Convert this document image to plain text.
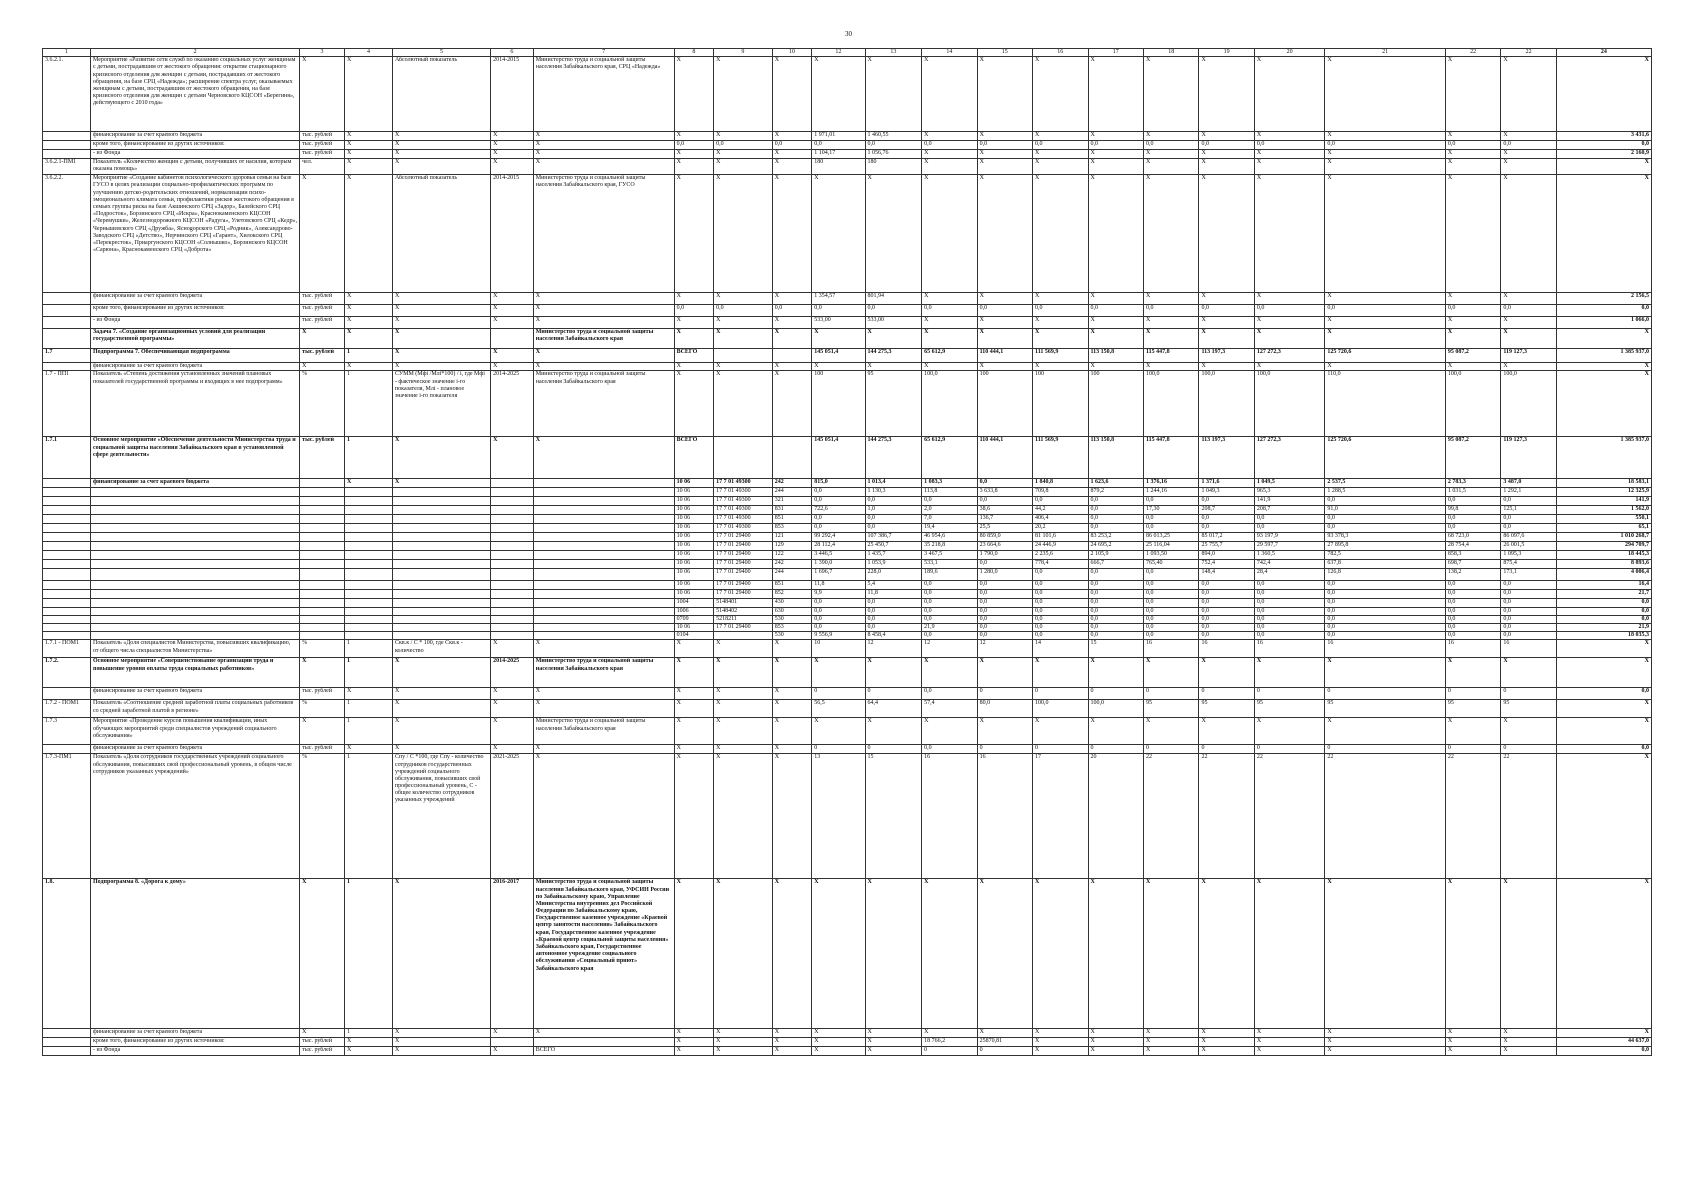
30
1	2	3	4	5	6	7	8	9	10	12	13	14	15	16	17	18	19	20	21	22	22	24
3.6.2.1.	Мероприятие «Развитие сети служб по оказанию социальных услуг женщинам с детьми, пострадавшим от жестокого обращения: открытие стационарного кризисного отделения для женщин с детьми, пострадавших от жестокого обращения, на базе СРЦ «Надежда»; расширение спектра услуг, оказываемых женщинам с детьми, пострадавшим от жестокого обращения, на базе кризисного отделения для женщин с детьми Черновского КЦСОН «Берегиня», действующего с 2010 года»	Х	Х	Абсолютный показатель	2014-2015	Министерство труда и социальной защиты населения Забайкальского края, СРЦ «Надежда»	Х	Х	Х	Х	Х	Х	Х	Х	Х	Х	Х	Х	Х	Х	Х	Х
	финансирование за счет краевого бюджета	тыс. рублей	Х	Х	Х	Х	Х	Х	Х	1 971,01	1 460,55	Х	Х	Х	Х	Х	Х	Х	Х	Х	Х	3 431,6
	кроме того, финансирование из других источников:	тыс. рублей	Х	Х	Х	Х	0,0	0,0	0,0	0,0	0,0	0,0	0,0	0,0	0,0	0,0	0,0	0,0	0,0	0,0	0,0	0,0
	- из Фонда	тыс. рублей	Х	Х	Х	Х	Х	Х	Х	1 104,17	1 056,76	Х	Х	Х	Х	Х	Х	Х	Х	Х	Х	2 160,9
3.6.2.1-ПМ1	Показатель «Количество женщин с детьми, получивших от насилия, которым оказана помощь»	чел.	Х	Х	Х	Х	Х	Х	Х	180	180	Х	Х	Х	Х	Х	Х	Х	Х	Х	Х	Х
3.6.2.2.	Мероприятие «Создание кабинетов психологического здоровья семьи на базе ГУСО в целях реализации социально-профилактических программ по улучшению детско-родительских отношений, нормализации психо-эмоционального климата семьи, профилактики рисков жестокого обращения в семьях группы риска на базе Акшинского СРЦ «Задор», Балейского СРЦ «Подросток», Борзинского СРЦ «Искра», Краснокаменского КЦСОН «Черемушки», Железнодорожного КЦСОН «Радуга», Улетовского СРЦ «Кедр», Чернышевского СРЦ «Дружба», Яснogорского СРЦ «Родник», Александрово-Заводского СРЦ «Детство», Нерчинского СРЦ «Гарант», Хилокского СРЦ «Перекресток», Приаргунского КЦСОН «Солнышко», Борзинского КЦСОН «Сарюна», Краснокаменского СРЦ «Доброта»	Х	Х	Абсолютный показатель	2014-2015	Министерство труда и социальной защиты населения Забайкальского края, ГУСО	Х	Х	Х	Х	Х	Х	Х	Х	Х	Х	Х	Х	Х	Х	Х	Х
	финансирование за счет краевого бюджета	тыс. рублей	Х	Х	Х	Х	Х	Х	Х	1 354,57	801,94	Х	Х	Х	Х	Х	Х	Х	Х	Х	Х	2 156,5
	кроме того, финансирование из других источников:	тыс. рублей	Х	Х	Х	Х	0,0	0,0	0,0	0,0	0,0	0,0	0,0	0,0	0,0	0,0	0,0	0,0	0,0	0,0	0,0	0,0
	- из Фонда	тыс. рублей	Х	Х	Х	Х	Х	Х	Х	533,00	533,00	Х	Х	Х	Х	Х	Х	Х	Х	Х	Х	1 066,0
	Задача 7. «Создание организационных условий для реализации государственной программы»	Х	Х	Х		Министерство труда и социальной защиты населения Забайкальского края	Х	Х	Х	Х	Х	Х	Х	Х	Х	Х	Х	Х	Х	Х	Х	Х
1.7	Подпрограмма 7. Обеспечивающая подпрограмма	тыс. рублей	1	Х	Х	Х	ВСЕГО			145 051,4	144 275,3	65 612,9	110 444,1	111 569,9	113 150,8	115 447,8	113 197,3	127 272,3	125 720,6	95 087,2	119 127,3	1 385 937,0
	финансирование за счет краевого бюджета	Х	Х	Х	Х	Х	Х	Х	Х	Х	Х	Х	Х	Х	Х	Х	Х	Х	Х	Х	Х	Х
1.7 - ПП1	Показатель «Степень достижения установленных значений плановых показателей государственной программы и входящих в нее подпрограмм»	%	1	СУММ (Мфi /Млi*100) / i, где Мфi - фактическое значение i-го показателя, Млi - плановое значение i-го показателя	2014-2025	Министерство труда и социальной защиты населения Забайкальского края	Х	Х	Х	100	95	100,0	100	100	100	100,0	100,0	100,0	110,0	100,0	100,0	Х
1.7.1	Основное мероприятие «Обеспечение деятельности Министерства труда и социальной защиты населения Забайкальского края в установленной сфере деятельности»	тыс. рублей	1	Х	Х	Х	ВСЕГО			145 051,4	144 275,3	65 612,9	110 444,1	111 569,9	113 150,8	115 447,8	113 197,3	127 272,3	125 720,6	95 087,2	119 127,3	1 385 937,0
	финансирование за счет краевого бюджета		Х	Х			10 06	17 7 01 49300	242	815,0	1 013,4	1 083,3	0,0	1 840,8	1 623,6	1 376,16	1 371,6	1 049,5	2 537,5	2 783,3	3 487,0	18 583,1
							10 06	17 7 01 49300	244	0,0	1 130,3	113,8	3 633,8	709,8	879,2	1 244,16	1 049,3	965,3	1 288,5	1 031,5	1 292,1	12 325,9
							10 06	17 7 01 49300	321	0,0	0,0	0,0	0,0	0,0	0,0	0,0	0,0	141,9	0,0	0,0	0,0	141,9
							10 06	17 7 01 49300	831	722,6	1,0	2,0	38,6	44,2	0,0	17,30	208,7	208,7	91,0	99,8	125,1	1 562,0
							10 06	17 7 01 49300	851	0,0	0,0	7,0	136,7	406,4	0,0	0,0	0,0	0,0	0,0	0,0	0,0	550,1
							10 06	17 7 01 49300	853	0,0	0,0	19,4	25,5	20,2	0,0	0,0	0,0	0,0	0,0	0,0	0,0	65,1
							10 06	17 7 01 29400	121	99 292,4	107 386,7	46 954,6	80 859,0	81 101,6	83 253,2	86 013,25	85 017,2	93 197,9	93 378,3	68 723,0	86 097,6	1 010 268,7
							10 06	17 7 01 29400	129	28 112,4	25 450,7	35 218,8	23 664,6	24 446,9	24 695,2	25 116,04	25 755,7	29 597,7	27 895,8	28 754,4	26 001,5	294 709,7
							10 06	17 7 01 29400	122	3 446,5	1 435,7	3 467,5	1 790,0	2 235,6	2 105,9	1 093,50	894,0	1 360,5	782,5	858,3	1 095,3	18 445,3
							10 06	17 7 01 29400	242	1 390,0	1 053,9	533,1	0,0	778,4	666,7	765,40	752,4	742,4	637,8	698,7	875,4	8 893,6
							10 06	17 7 01 29400	244	1 696,7	228,0	189,6	1 280,0	0,0	0,0	0,0	148,4	28,4	126,8	138,2	173,1	4 006,4
							10 06	17 7 01 29400	851	11,8	5,4	0,0	0,0	0,0	0,0	0,0	0,0	0,0	0,0	0,0	0,0	16,4
							10 06	17 7 01 29400	852	9,9	11,8	0,0	0,0	0,0	0,0	0,0	0,0	0,0	0,0	0,0	0,0	21,7
							1004	5148401	430	0,0	0,0	0,0	0,0	0,0	0,0	0,0	0,0	0,0	0,0	0,0	0,0	0,0
							1006	5148402	630	0,0	0,0	0,0	0,0	0,0	0,0	0,0	0,0	0,0	0,0	0,0	0,0	0,0
							0709	5218211	530	0,0	0,0	0,0	0,0	0,0	0,0	0,0	0,0	0,0	0,0	0,0	0,0	0,0
							10 06	17 7 01 29400	853	0,0	0,0	21,9	0,0	0,0	0,0	0,0	0,0	0,0	0,0	0,0	0,0	21,9
							0104		530	9 556,9	8 458,4	0,0	0,0	0,0	0,0	0,0	0,0	0,0	0,0	0,0	0,0	18 035,3
1.7.1 - ПОМ1	Показатель «Доля специалистов Министерства, повысивших квалификацию, от общего числа специалистов Министерства»	%	1	Скв.к / С * 100, где Скв.к - количество	Х	Х	Х	Х	Х	10	12	12	12	14	15	16	16	16	16	16	16	Х
1.7.2.	Основное мероприятие «Совершенствование организации труда и повышение уровня оплаты труда социальных работников»	Х	1	Х	2014-2025	Министерство труда и социальной защиты населения Забайкальского края	Х	Х	Х	Х	Х	Х	Х	Х	Х	Х	Х	Х	Х	Х	Х	Х
	финансирование за счет краевого бюджета	тыс. рублей	Х	Х	Х	Х	Х	Х	Х	0	0	0,0	0	0	0	0	0	0	0	0	0	0,0
1.7.2 - ПОМ1	Показатель «Соотношение средней заработной платы социальных работников со средней заработной платой в регионе»	%	1	Х	Х	Х	Х	Х	Х	56,5	64,4	57,4	80,0	100,0	100,0	95	95	95	95	95	95	Х
1.7.3	Мероприятие «Проведение курсов повышения квалификации, иных обучающих мероприятий среди специалистов учреждений социального обслуживания»	Х	1	Х	Х	Министерство труда и социальной защиты населения Забайкальского края	Х	Х	Х	Х	Х	Х	Х	Х	Х	Х	Х	Х	Х	Х	Х	Х
	финансирование за счет краевого бюджета	тыс. рублей	Х	Х	Х	Х	Х	Х	Х	0	0	0,0	0	0	0	0	0	0	0	0	0	0,0
1.7.3-ПМ1	Показатель «Доля сотрудников государственных учреждений социального обслуживания, повысивших свой профессиональный уровень, в общем числе сотрудников указанных учреждений»	%	1	Спу / С *100, где Спу - количество сотрудников государственных учреждений социального обслуживания, повысивших свой профессиональный уровень, С - общее количество сотрудников указанных учреждений	2021-2025	Х	Х	Х	Х	13	15	16	16	17	20	22	22	22	22	22	22	Х
1.8.	Подпрограмма 8. «Дорога к дому»	Х	1	Х	2016-2017	Министерство труда и социальной защиты населения Забайкальского края, УФСИН России по Забайкальскому краю, Управление Министерства внутренних дел Российской Федерации по Забайкальскому краю, Государственное казенное учреждение «Краевой центр занятости населения» Забайкальского края, Государственное казенное учреждение «Краевой центр социальной защиты населения» Забайкальского края, Государственное автономное учреждение социального обслуживания «Социальный приют» Забайкальского края	Х	Х	Х	Х	Х	Х	Х	Х	Х	Х	Х	Х	Х	Х	Х	Х
	финансирование за счет краевого бюджета	Х	1	Х	Х	Х	Х	Х	Х	Х	Х	Х	Х	Х	Х	Х	Х	Х	Х	Х	Х	Х
	кроме того, финансирование из других источников:	тыс. рублей	Х	Х			Х	Х	Х	Х	Х	18 766,2	25870,81	Х	Х	Х	Х	Х	Х	Х	Х	44 637,0
	- из Фонда	тыс. рублей	Х	Х	Х	ВСЕГО	Х	Х	Х	Х	Х	0	0	Х	Х	Х	Х	Х	Х	Х	Х	0,0
